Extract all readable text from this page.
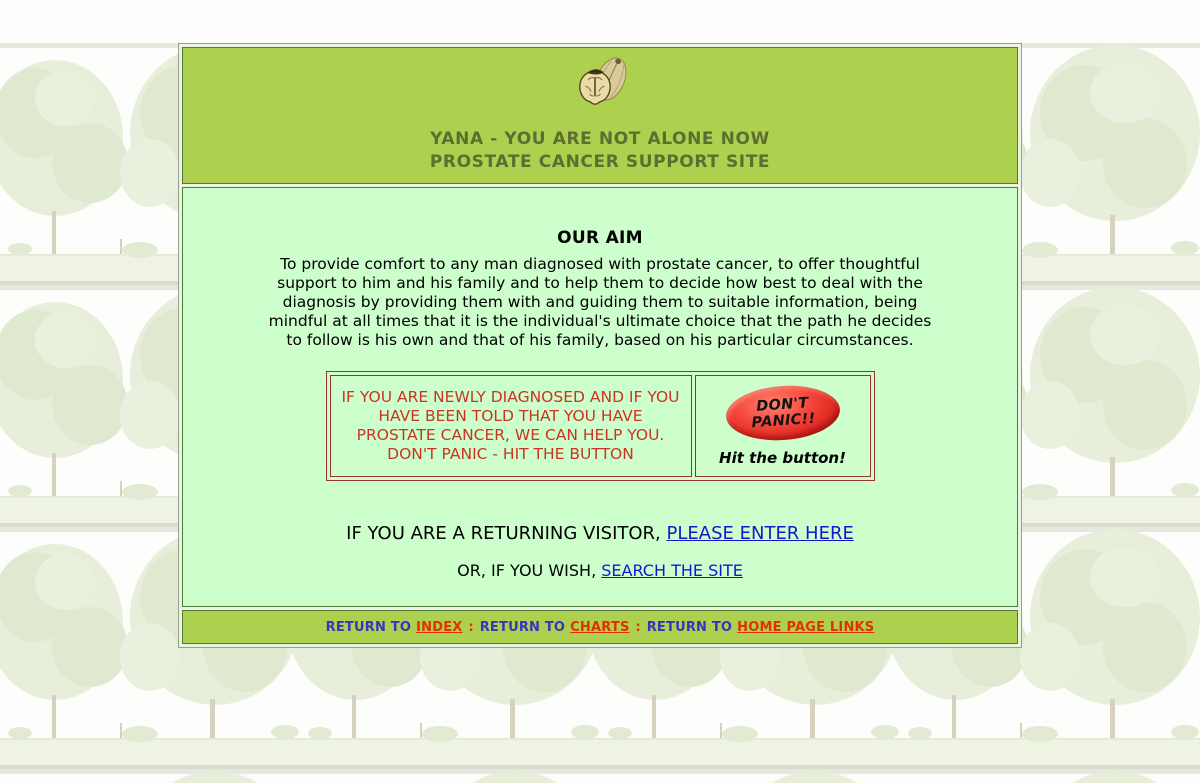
YANA - YOU ARE NOT ALONE NOW
PROSTATE CANCER SUPPORT SITE
OUR AIM
To provide comfort to any man diagnosed with prostate cancer, to offer thoughtful support to him and his family and to help them to decide how best to deal with the diagnosis by providing them with and guiding them to suitable information, being mindful at all times that it is the individual's ultimate choice that the path he decides to follow is his own and that of his family, based on his particular circumstances.
IF YOU ARE NEWLY DIAGNOSED AND IF YOU HAVE BEEN TOLD THAT YOU HAVE PROSTATE CANCER, WE CAN HELP YOU. DON'T PANIC - HIT THE BUTTON
DON'T
PANIC!!
Hit the button!
IF YOU ARE A RETURNING VISITOR, PLEASE ENTER HERE
OR, IF YOU WISH, SEARCH THE SITE
RETURN TO INDEX : RETURN TO CHARTS : RETURN TO HOME PAGE LINKS
